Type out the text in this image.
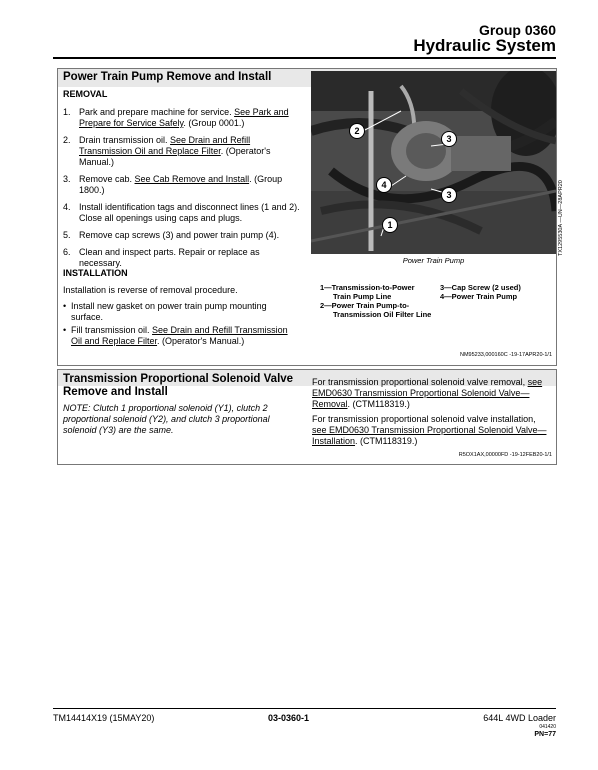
Group 0360
Hydraulic System
Power Train Pump Remove and Install
REMOVAL
1. Park and prepare machine for service. See Park and Prepare for Service Safely. (Group 0001.)
2. Drain transmission oil. See Drain and Refill Transmission Oil and Replace Filter. (Operator's Manual.)
3. Remove cab. See Cab Remove and Install. (Group 1800.)
4. Install identification tags and disconnect lines (1 and 2). Close all openings using caps and plugs.
5. Remove cap screws (3) and power train pump (4).
6. Clean and inspect parts. Repair or replace as necessary.
INSTALLATION
Installation is reverse of removal procedure.
• Install new gasket on power train pump mounting surface.
• Fill transmission oil. See Drain and Refill Transmission Oil and Replace Filter. (Operator's Manual.)
2
3
4
3
1
Power Train Pump
TX1295530A —UN—28APR20
1—Transmission-to-Power
Train Pump Line
2—Power Train Pump-to-
Transmission Oil Filter Line
3—Cap Screw (2 used)
4—Power Train Pump
NM95233,000160C -19-17APR20-1/1
Transmission Proportional Solenoid Valve
Remove and Install
NOTE: Clutch 1 proportional solenoid (Y1), clutch 2 proportional solenoid (Y2), and clutch 3 proportional solenoid (Y3) are the same.
For transmission proportional solenoid valve removal, see EMD0630 Transmission Proportional Solenoid Valve—Removal. (CTM118319.)
For transmission proportional solenoid valve installation, see EMD0630 Transmission Proportional Solenoid Valve—Installation. (CTM118319.)
R5OX1AX,00000FD -19-12FEB20-1/1
TM14414X19 (15MAY20)	03-0360-1	644L 4WD Loader
041420
PN=77
